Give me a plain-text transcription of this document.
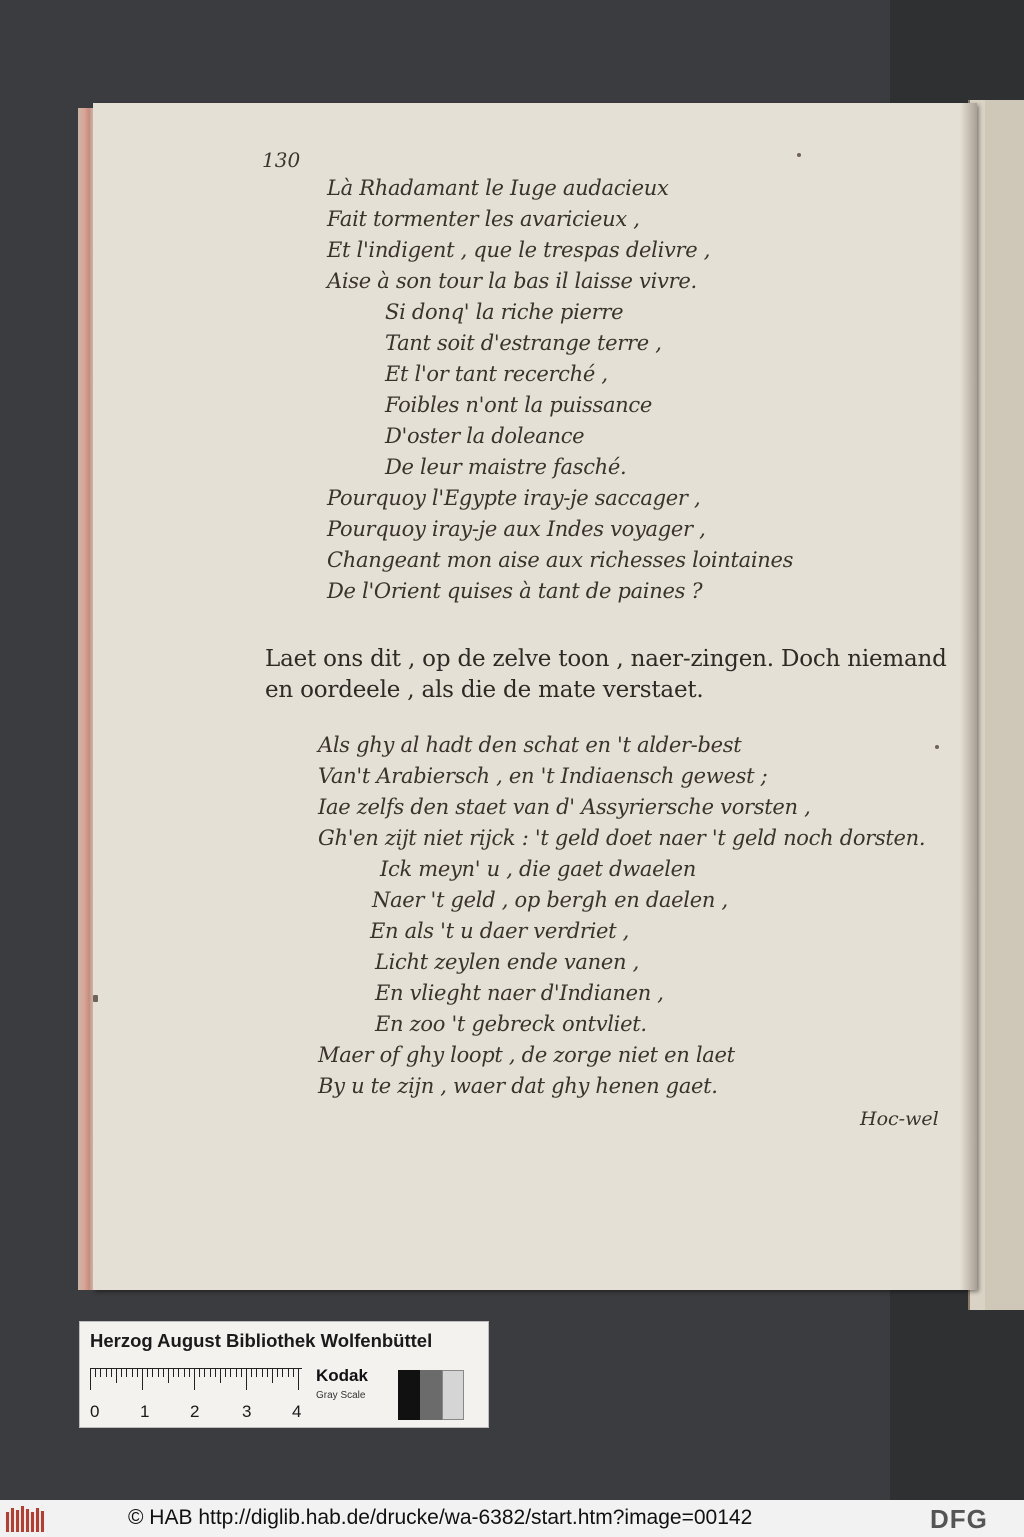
130
Là Rhadamant le Iuge audacieux
Fait tormenter les avaricieux ,
Et l'indigent , que le trespas delivre ,
Aise à son tour la bas il laisse vivre.
Si donq' la riche pierre
Tant soit d'estrange terre ,
Et l'or tant recerché ,
Foibles n'ont la puissance
D'oster la doleance
De leur maistre fasché.
Pourquoy l'Egypte iray-je saccager ,
Pourquoy iray-je aux Indes voyager ,
Changeant mon aise aux richesses lointaines
De l'Orient quises à tant de paines ?
Laet ons dit , op de zelve toon , naer-zingen. Doch niemand en oordeele , als die de mate verstaet.
Als ghy al hadt den schat en 't alder-best
Van't Arabiersch , en 't Indiaensch gewest ;
Iae zelfs den staet van d' Assyriersche vorsten ,
Gh'en zijt niet rijck : 't geld doet naer 't geld noch dorsten.
Ick meyn' u , die gaet dwaelen
Naer 't geld , op bergh en daelen ,
En als 't u daer verdriet ,
Licht zeylen ende vanen ,
En vlieght naer d'Indianen ,
En zoo 't gebreck ontvliet.
Maer of ghy loopt , de zorge niet en laet
By u te zijn , waer dat ghy henen gaet.
Hoc-wel
Herzog August Bibliothek Wolfenbüttel
0 1 2	3 4
Kodak
Gray Scale
© HAB http://diglib.hab.de/drucke/wa-6382/start.htm?image=00142	DFG
